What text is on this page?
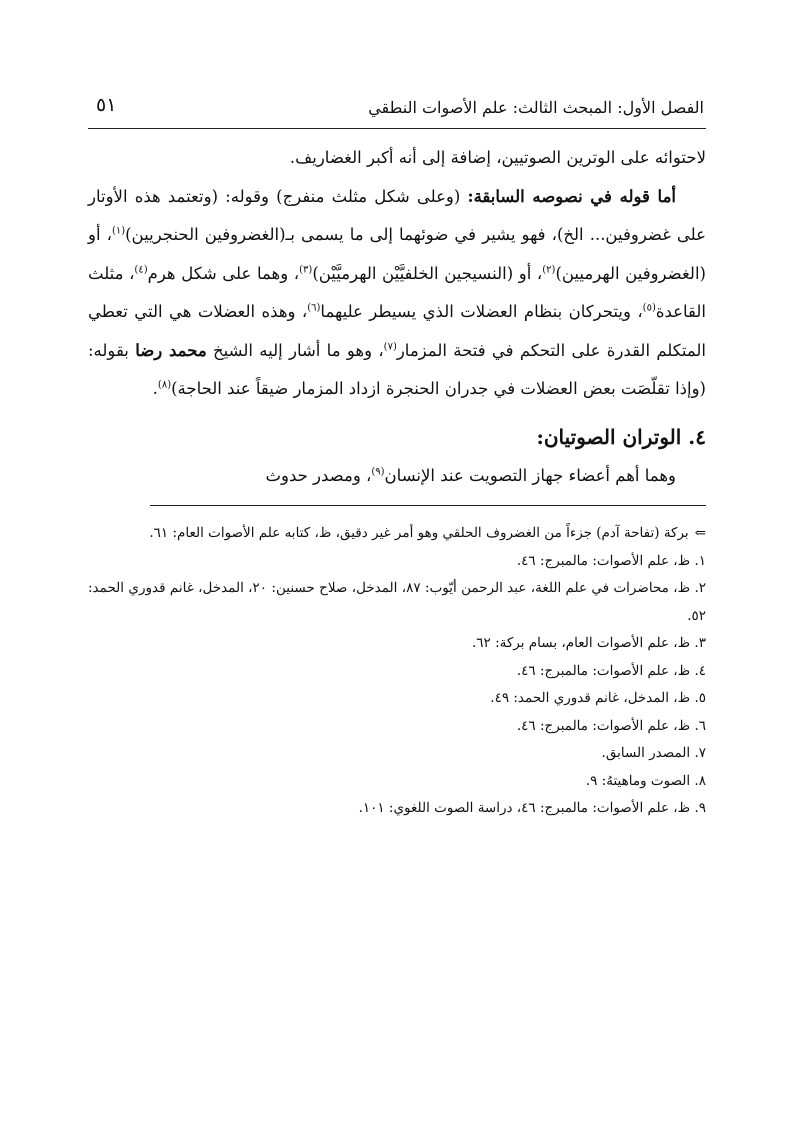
الفصل الأول: المبحث الثالث: علم الأصوات النطقي
٥١

لاحتوائه على الوترين الصوتيين، إضافة إلى أنه أكبر الغضاريف.

أما قوله في نصوصه السابقة: (وعلى شكل مثلث منفرج) وقوله: (وتعتمد هذه الأوتار على غضروفين... الخ)، فهو يشير في ضوئهما إلى ما يسمى بـ(الغضروفين الحنجريين)$^{(١)}$، أو (الغضروفين الهرميين)$^{(٢)}$، أو (النسيجين الخلفيَّيْن الهرميَّيْن)$^{(٣)}$، وهما على شكل هرم$^{(٤)}$، مثلث القاعدة$^{(٥)}$، ويتحركان بنظام العضلات الذي يسيطر عليهما$^{(٦)}$، وهذه العضلات هي التي تعطي المتكلم القدرة على التحكم في فتحة المزمار$^{(٧)}$، وهو ما أشار إليه الشيخ محمد رضا بقوله: (وإذا تقلّصَت بعض العضلات في جدران الحنجرة ازداد المزمار ضيقاً عند الحاجة)$^{(٨)}$.

٤. الوتران الصوتيان:

وهما أهم أعضاء جهاز التصويت عند الإنسان$^{(٩)}$، ومصدر حدوث

⇐بركة (تفاحة آدم) جزءاً من الغضروف الحلقي وهو أمر غير دقيق، ظ، كتابه علم الأصوات العام: ٦١.

١. ظ، علم الأصوات: مالمبرج: ٤٦.

٢. ظ، محاضرات في علم اللغة، عبد الرحمن أيّوب: ٨٧، المدخل، صلاح حسنين: ٢٠، المدخل، غانم قدوري الحمد: ٥٢.

٣. ظ، علم الأصوات العام، بسام بركة: ٦٢.

٤. ظ، علم الأصوات: مالمبرج: ٤٦.

٥. ظ، المدخل، غانم قدوري الحمد: ٤٩.

٦. ظ، علم الأصوات: مالمبرج: ٤٦.

٧. المصدر السابق.

٨. الصوت وماهيتهُ: ٩.

٩. ظ، علم الأصوات: مالمبرج: ٤٦، دراسة الصوت اللغوي: ١٠١.
